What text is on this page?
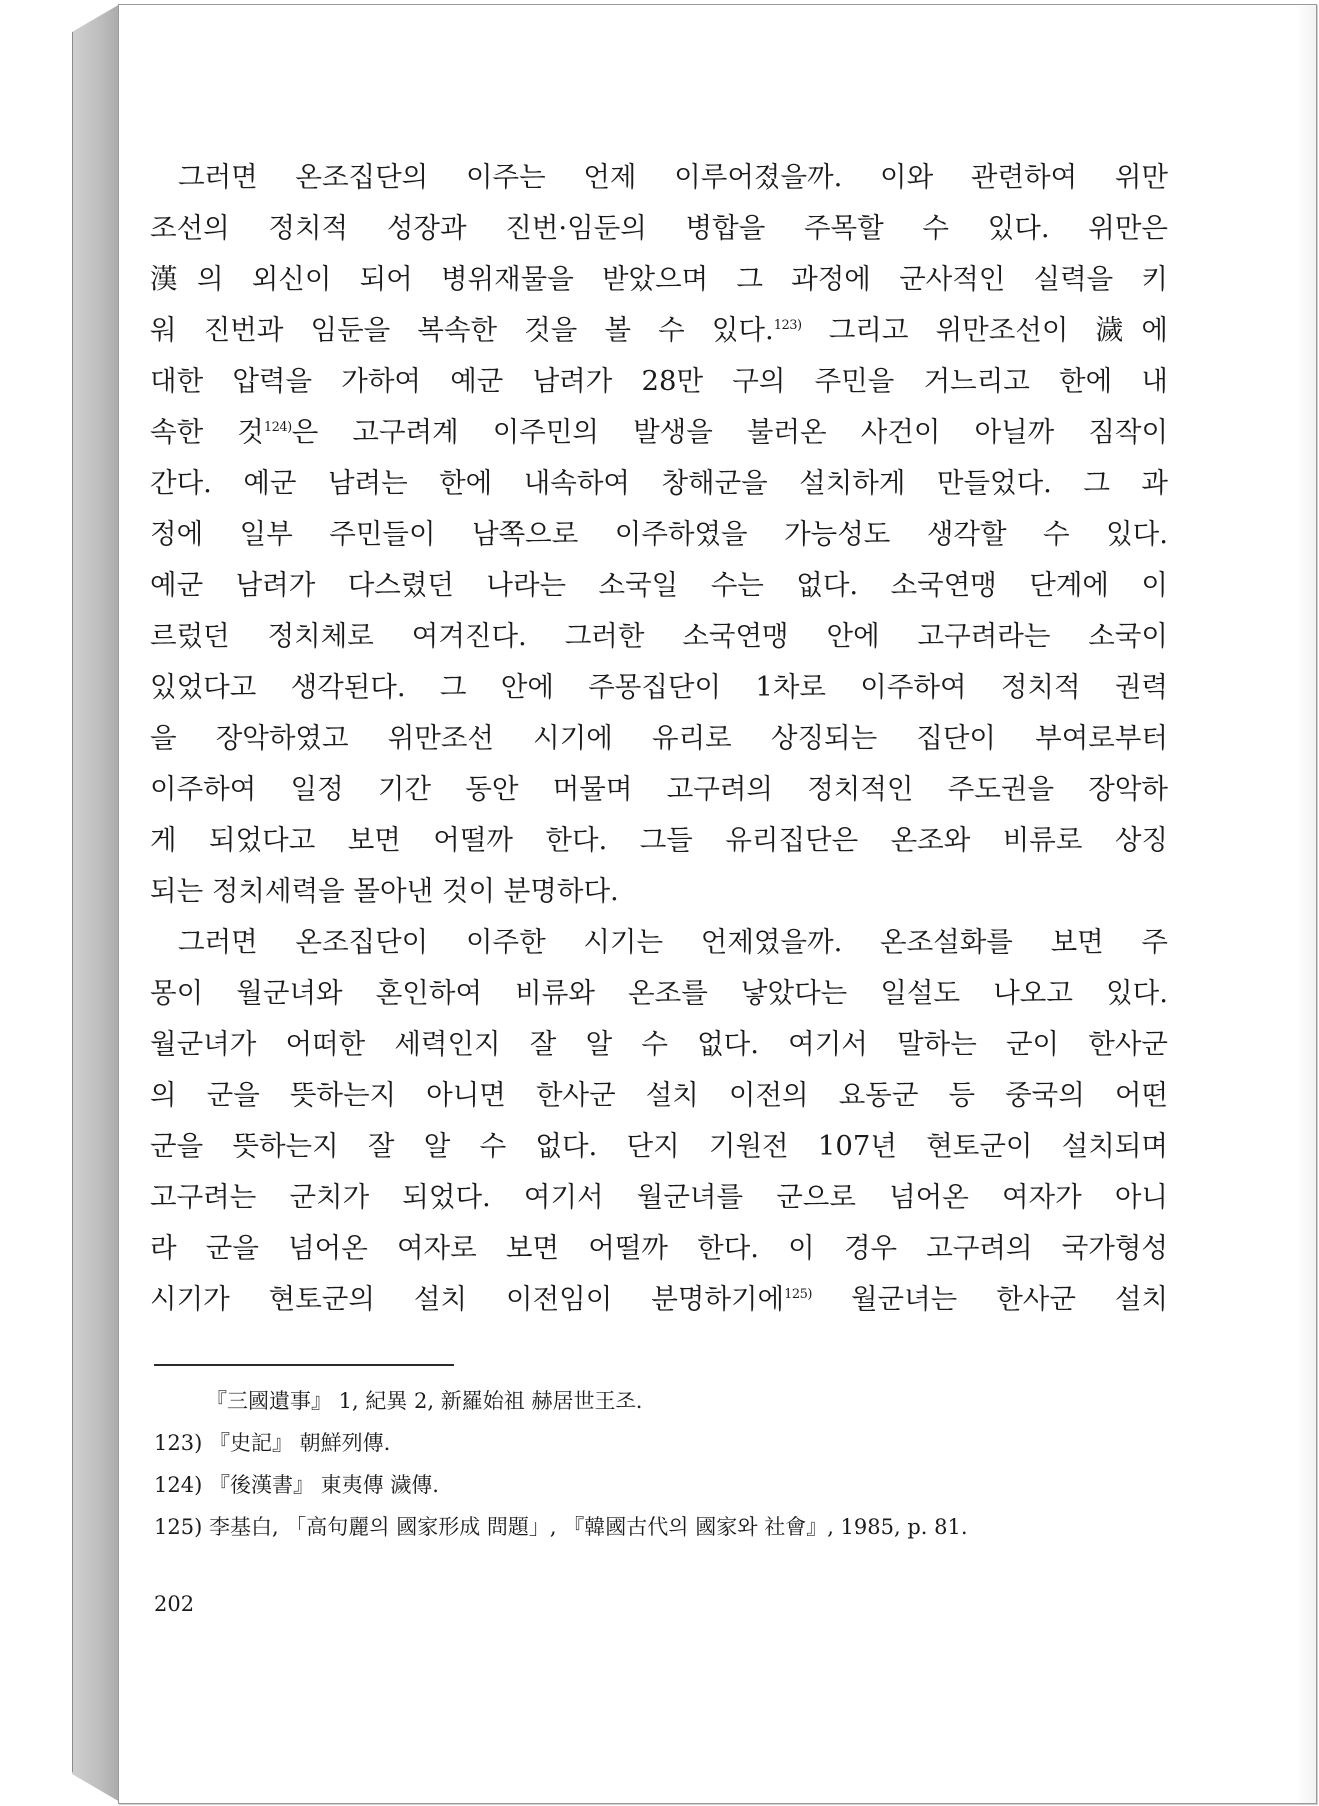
그러면 온조집단의 이주는 언제 이루어졌을까. 이와 관련하여 위만
조선의 정치적 성장과 진번·임둔의 병합을 주목할 수 있다. 위만은
漢의 외신이 되어 병위재물을 받았으며 그 과정에 군사적인 실력을 키
워 진번과 임둔을 복속한 것을 볼 수 있다.$^{123)}$ 그리고 위만조선이 濊에
대한 압력을 가하여 예군 남려가 28만 구의 주민을 거느리고 한에 내
속한 것$^{124)}$은 고구려계 이주민의 발생을 불러온 사건이 아닐까 짐작이
간다. 예군 남려는 한에 내속하여 창해군을 설치하게 만들었다. 그 과
정에 일부 주민들이 남쪽으로 이주하였을 가능성도 생각할 수 있다.
예군 남려가 다스렸던 나라는 소국일 수는 없다. 소국연맹 단계에 이
르렀던 정치체로 여겨진다. 그러한 소국연맹 안에 고구려라는 소국이
있었다고 생각된다. 그 안에 주몽집단이 1차로 이주하여 정치적 권력
을 장악하였고 위만조선 시기에 유리로 상징되는 집단이 부여로부터
이주하여 일정 기간 동안 머물며 고구려의 정치적인 주도권을 장악하
게 되었다고 보면 어떨까 한다. 그들 유리집단은 온조와 비류로 상징
되는 정치세력을 몰아낸 것이 분명하다.
그러면 온조집단이 이주한 시기는 언제였을까. 온조설화를 보면 주
몽이 월군녀와 혼인하여 비류와 온조를 낳았다는 일설도 나오고 있다.
월군녀가 어떠한 세력인지 잘 알 수 없다. 여기서 말하는 군이 한사군
의 군을 뜻하는지 아니면 한사군 설치 이전의 요동군 등 중국의 어떤
군을 뜻하는지 잘 알 수 없다. 단지 기원전 107년 현토군이 설치되며
고구려는 군치가 되었다. 여기서 월군녀를 군으로 넘어온 여자가 아니
라 군을 넘어온 여자로 보면 어떨까 한다. 이 경우 고구려의 국가형성
시기가 현토군의 설치 이전임이 분명하기에$^{125)}$ 월군녀는 한사군 설치
『三國遺事』 1, 紀異 2, 新羅始祖 赫居世王조.
123) 『史記』 朝鮮列傳.
124) 『後漢書』 東夷傳 濊傳.
125) 李基白, 「高句麗의 國家形成 問題」, 『韓國古代의 國家와 社會』, 1985, p. 81.
202
